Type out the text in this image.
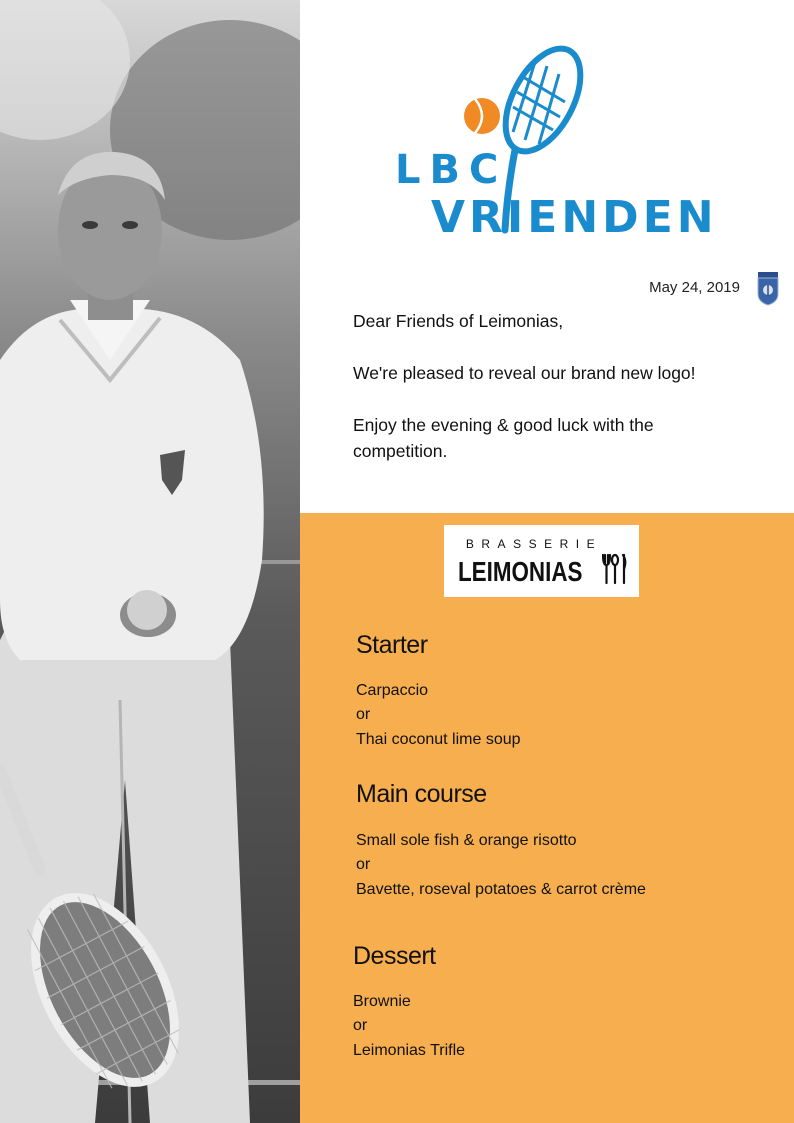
LBC

VRIENDEN

May 24, 2019

Dear Friends of Leimonias,

We're pleased to reveal our brand new logo!

Enjoy the evening & good luck with the competition.

BRASSERIE
LEIMONIAS
Starter
Carpaccio
or
Thai coconut lime soup
Main course
Small sole fish & orange risotto
or
Bavette, roseval potatoes & carrot crème
Dessert
Brownie
or
Leimonias Trifle
